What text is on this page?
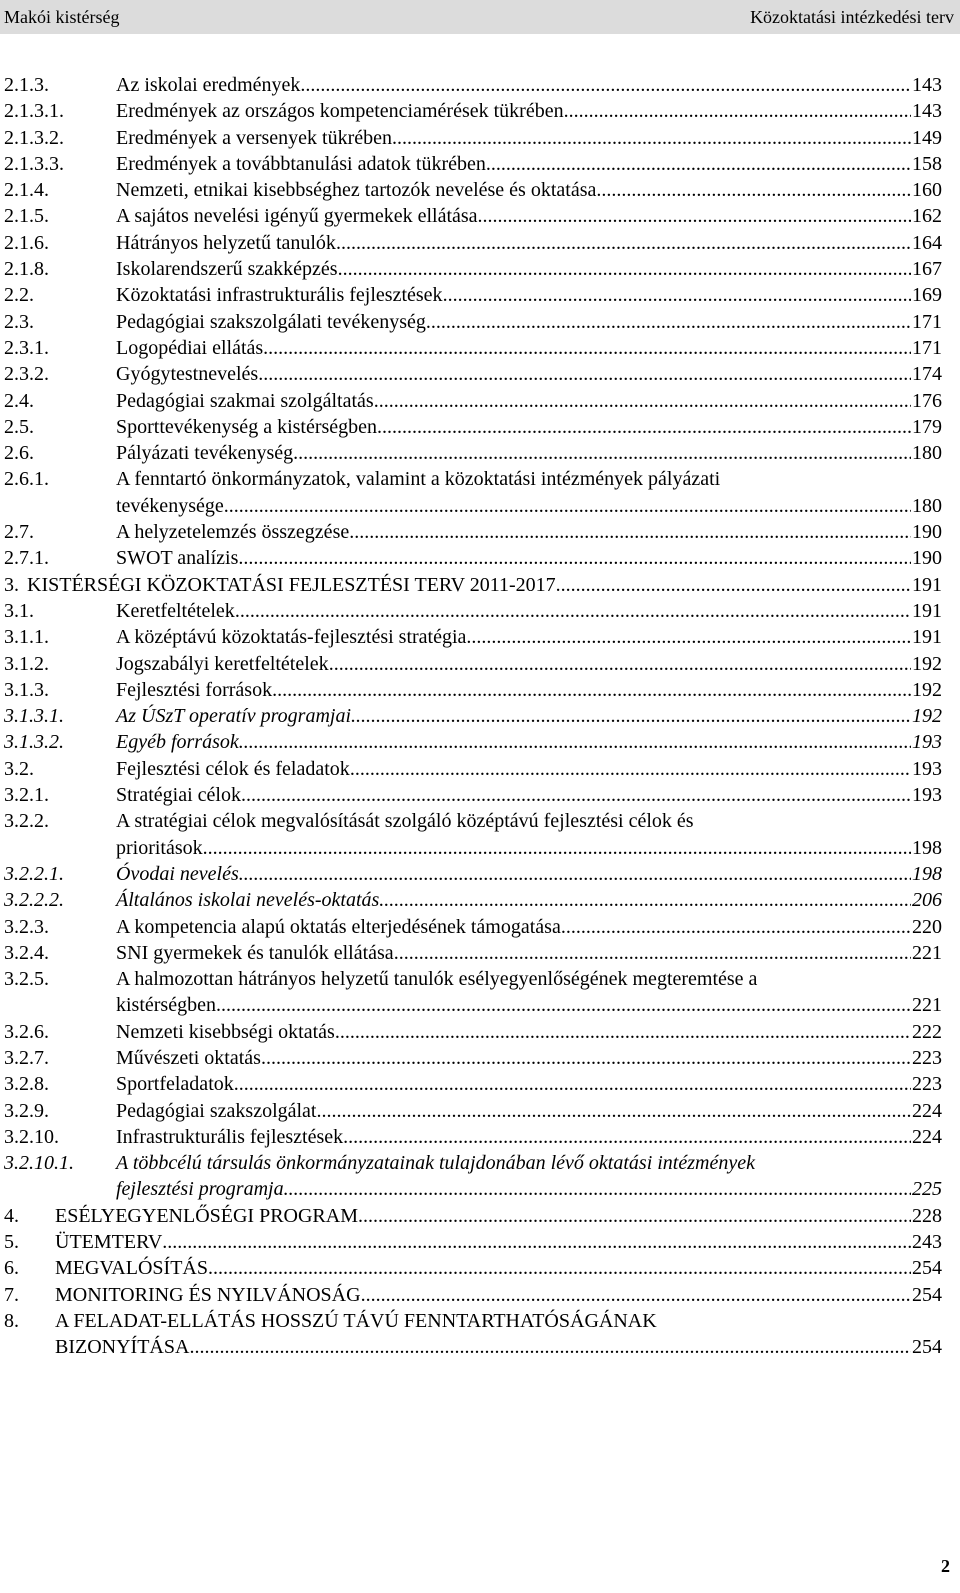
Makói kistérség	Közoktatási intézkedési terv
2.1.3.	Az iskolai eredmények .....	143
2.1.3.1.	Eredmények az országos kompetenciamérések tükrében .....	143
2.1.3.2.	Eredmények a versenyek tükrében .....	149
2.1.3.3.	Eredmények a továbbtanulási adatok tükrében .....	158
2.1.4.	Nemzeti, etnikai kisebbséghez tartozók nevelése és oktatása .....	160
2.1.5.	A sajátos nevelési igényű gyermekek ellátása .....	162
2.1.6.	Hátrányos helyzetű tanulók .....	164
2.1.8.	Iskolarendszerű szakképzés .....	167
2.2.	Közoktatási infrastrukturális fejlesztések .....	169
2.3.	Pedagógiai szakszolgálati tevékenység .....	171
2.3.1.	Logopédiai ellátás .....	171
2.3.2.	Gyógytestnevelés .....	174
2.4.	Pedagógiai szakmai szolgáltatás .....	176
2.5.	Sporttevékenység a kistérségben .....	179
2.6.	Pályázati tevékenység .....	180
2.6.1.	A fenntartó önkormányzatok, valamint a közoktatási intézmények pályázati
tevékenysége .....	180
2.7.	A helyzetelemzés összegzése .....	190
2.7.1.	SWOT analízis .....	190
3. KISTÉRSÉGI KÖZOKTATÁSI FEJLESZTÉSI TERV 2011-2017. .....	191
3.1.	Keretfeltételek .....	191
3.1.1.	A középtávú közoktatás-fejlesztési stratégia .....	191
3.1.2.	Jogszabályi keretfeltételek .....	192
3.1.3.	Fejlesztési források .....	192
3.1.3.1.	Az ÚSzT operatív programjai .....	192
3.1.3.2.	Egyéb források .....	193
3.2.	Fejlesztési célok és feladatok .....	193
3.2.1.	Stratégiai célok .....	193
3.2.2.	A stratégiai célok megvalósítását szolgáló középtávú fejlesztési célok és
prioritások .....	198
3.2.2.1.	Óvodai nevelés .....	198
3.2.2.2.	Általános iskolai nevelés-oktatás .....	206
3.2.3.	A kompetencia alapú oktatás elterjedésének támogatása .....	220
3.2.4.	SNI gyermekek és tanulók ellátása .....	221
3.2.5.	A halmozottan hátrányos helyzetű tanulók esélyegyenlőségének megteremtése a
kistérségben .....	221
3.2.6.	Nemzeti kisebbségi oktatás .....	222
3.2.7.	Művészeti oktatás .....	223
3.2.8.	Sportfeladatok .....	223
3.2.9.	Pedagógiai szakszolgálat .....	224
3.2.10.	Infrastrukturális fejlesztések .....	224
3.2.10.1. A többcélú társulás önkormányzatainak tulajdonában lévő oktatási intézmények
fejlesztési programja .....	225
4. ESÉLYEGYENLŐSÉGI PROGRAM .....	228
5. ÜTEMTERV .....	243
6. MEGVALÓSÍTÁS .....	254
7. MONITORING ÉS NYILVÁNOSÁG .....	254
8. A FELADAT-ELLÁTÁS HOSSZÚ TÁVÚ FENNTARTHATÓSÁGÁNAK
BIZONYÍTÁSA .....	254
2
